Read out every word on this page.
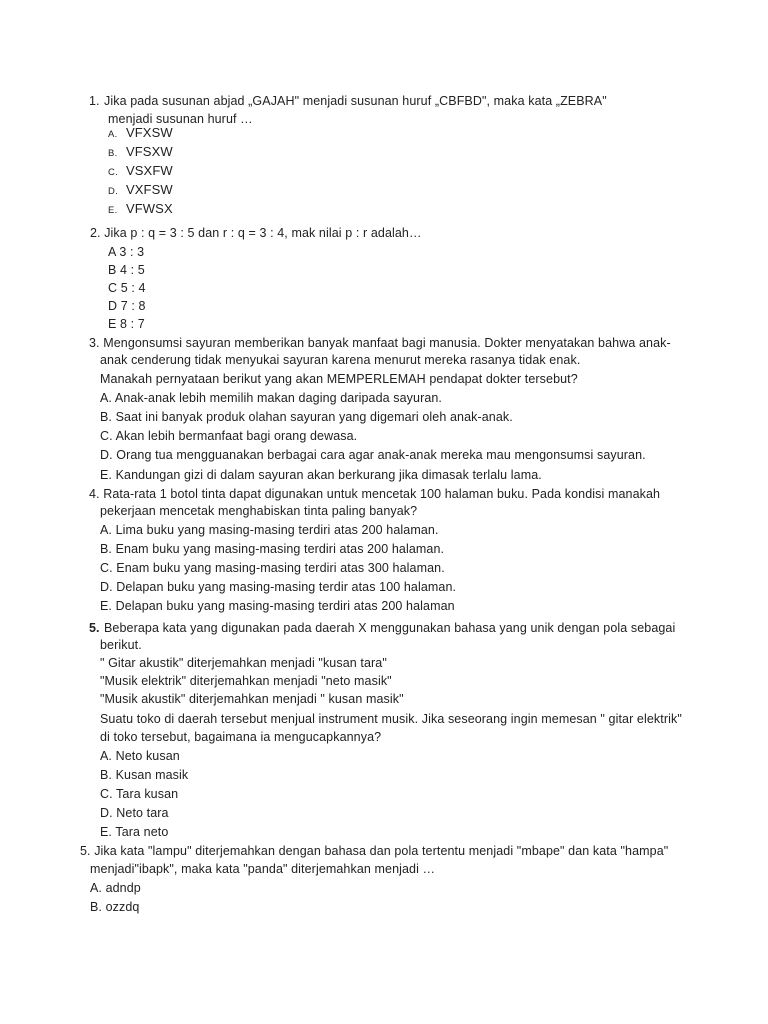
1. Jika pada susunan abjad „GAJAH" menjadi susunan huruf „CBFBD", maka kata „ZEBRA"
menjadi susunan huruf …
A. VFXSW
B. VFSXW
C. VSXFW
D. VXFSW
E. VFWSX
2. Jika p : q = 3 : 5 dan r : q = 3 : 4, mak nilai p : r adalah…
A 3 : 3
B 4 : 5
C 5 : 4
D 7 : 8
E 8 : 7
3. Mengonsumsi sayuran memberikan banyak manfaat bagi manusia. Dokter menyatakan bahwa anak-
anak cenderung tidak menyukai sayuran karena menurut mereka rasanya tidak enak.
Manakah pernyataan berikut yang akan MEMPERLEMAH pendapat dokter tersebut?
A. Anak-anak lebih memilih makan daging daripada sayuran.
B. Saat ini banyak produk olahan sayuran yang digemari oleh anak-anak.
C. Akan lebih bermanfaat bagi orang dewasa.
D. Orang tua mengguanakan berbagai cara agar anak-anak mereka mau mengonsumsi sayuran.
E. Kandungan gizi di dalam sayuran akan berkurang jika dimasak terlalu lama.
4. Rata-rata 1 botol tinta dapat digunakan untuk mencetak 100 halaman buku. Pada kondisi manakah
pekerjaan mencetak menghabiskan tinta paling banyak?
A. Lima buku yang masing-masing terdiri atas 200 halaman.
B. Enam buku yang masing-masing terdiri atas 200 halaman.
C. Enam buku yang masing-masing terdiri atas 300 halaman.
D. Delapan buku yang masing-masing terdir atas 100 halaman.
E. Delapan buku yang masing-masing terdiri atas 200 halaman
5. Beberapa kata yang digunakan pada daerah X menggunakan bahasa yang unik dengan pola sebagai
berikut.
" Gitar akustik" diterjemahkan menjadi "kusan tara"
"Musik elektrik" diterjemahkan menjadi "neto masik"
"Musik akustik" diterjemahkan menjadi " kusan masik"
Suatu toko di daerah tersebut menjual instrument musik. Jika seseorang ingin memesan " gitar elektrik"
di toko tersebut, bagaimana ia mengucapkannya?
A. Neto kusan
B. Kusan masik
C. Tara kusan
D. Neto tara
E. Tara neto
5. Jika kata "lampu" diterjemahkan dengan bahasa dan pola tertentu menjadi "mbape" dan kata "hampa"
menjadi"ibapk", maka kata "panda" diterjemahkan menjadi …
A. adndp
B. ozzdq
